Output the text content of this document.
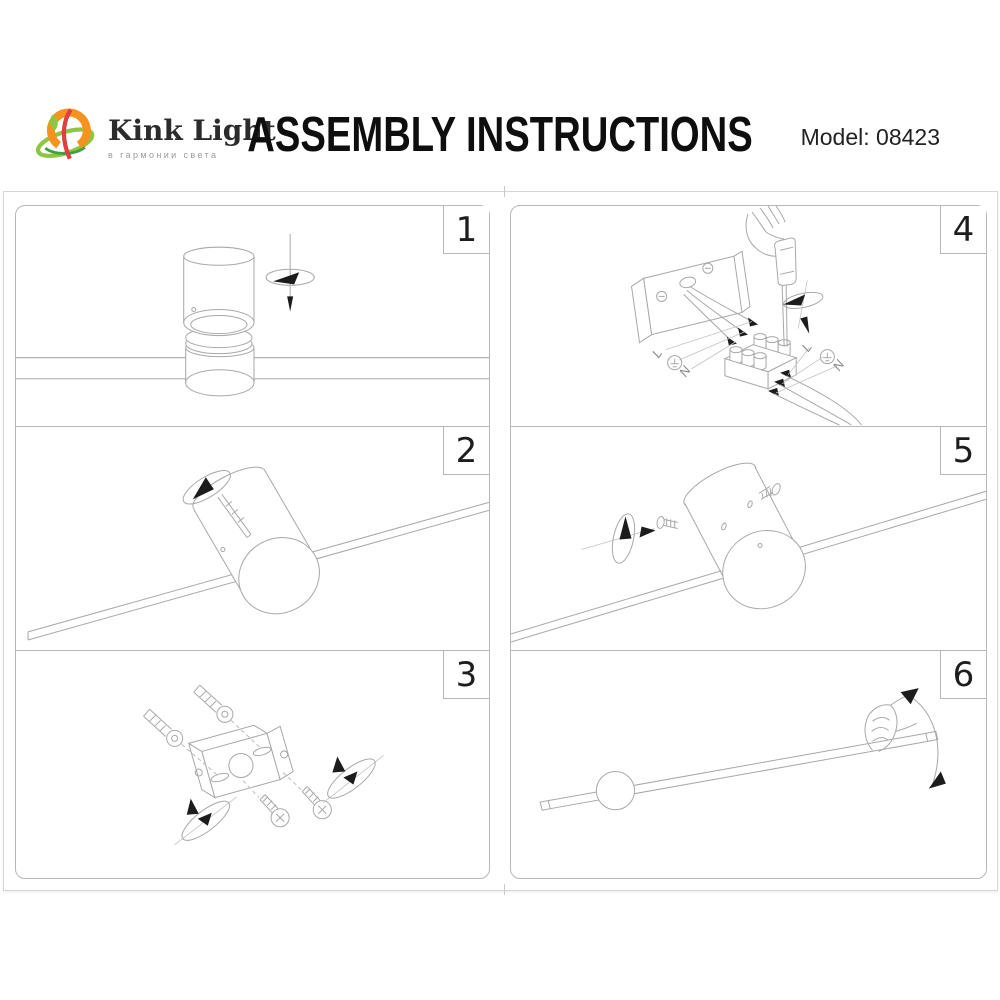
Kink Light
в гармонии света ASSEMBLY INSTRUCTIONS	Model: 08423
1
2
3
L
N
L
N
4
5
6
